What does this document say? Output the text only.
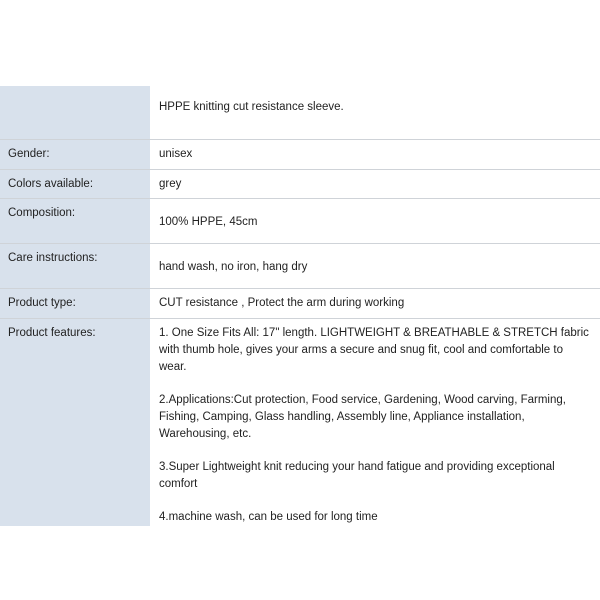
	HPPE knitting cut resistance sleeve.

Gender:	unisex

Colors available:	grey

Composition:	100% HPPE, 45cm

Care instructions:	hand wash, no iron, hang dry

Product type:	CUT resistance , Protect the arm during working

Product features:	1. One Size Fits All: 17" length. LIGHTWEIGHT & BREATHABLE & STRETCH fabric with thumb hole, gives your arms a secure and snug fit, cool and comfortable to wear.
2.Applications:Cut protection, Food service, Gardening, Wood carving, Farming, Fishing, Camping, Glass handling, Assembly line, Appliance installation, Warehousing, etc.
3.Super Lightweight knit reducing your hand fatigue and providing exceptional comfort
4.machine wash, can be used for long time
